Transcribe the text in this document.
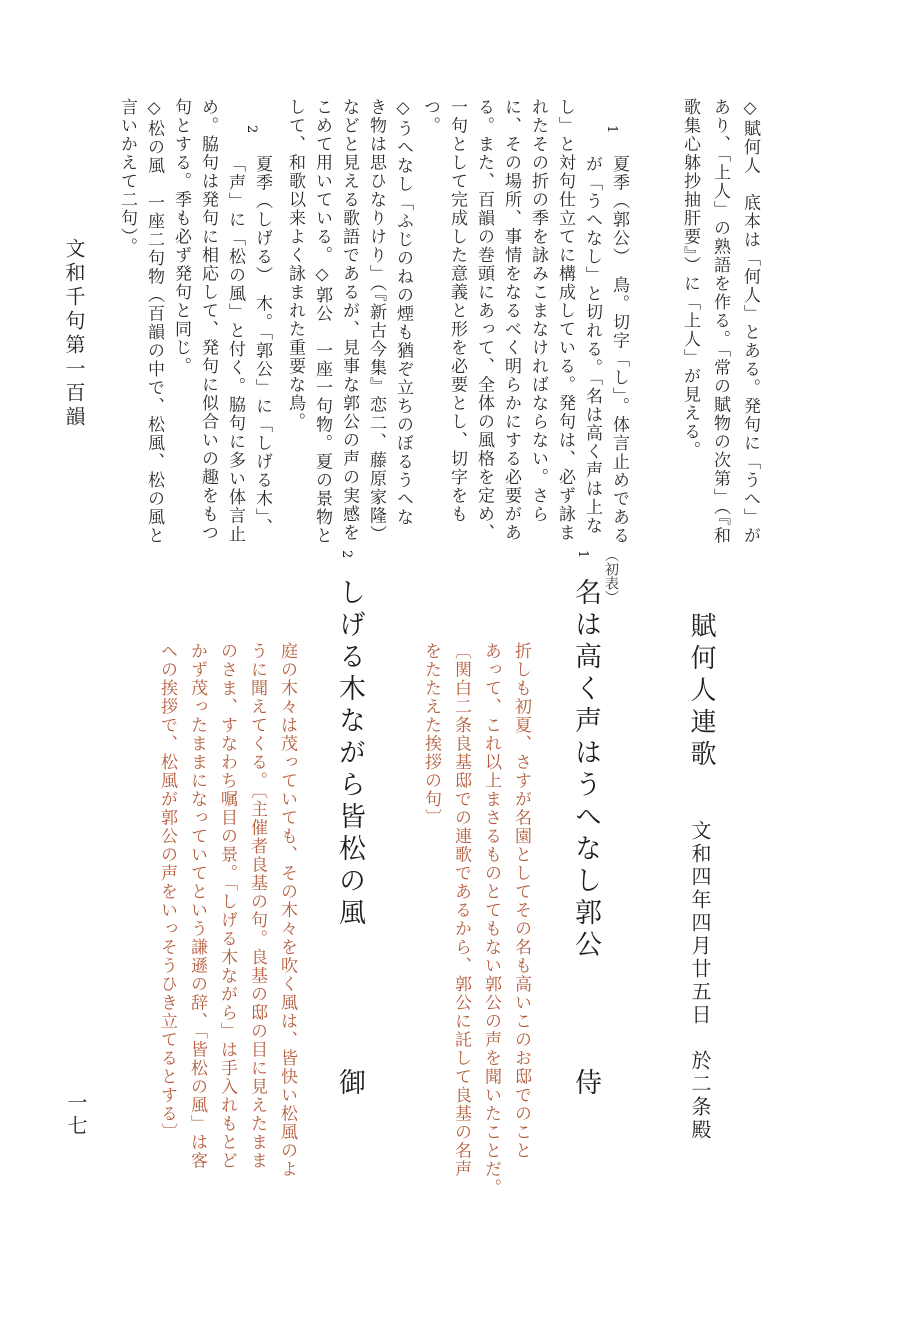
◇賦何人　底本は「何人」とある。発句に「うへ」が
あり、「上人」の熟語を作る。「常の賦物の次第」（『和
歌集心躰抄抽肝要』）に「上人」が見える。
1
夏季（郭公）　鳥。切字「し」。体言止めである
が「うへなし」と切れる。「名は高く声は上な
し」と対句仕立てに構成している。発句は、必ず詠ま
れたその折の季を詠みこまなければならない。さら
に、その場所、事情をなるべく明らかにする必要があ
る。また、百韻の巻頭にあって、全体の風格を定め、
一句として完成した意義と形を必要とし、切字をも
つ。
◇うへなし「ふじのねの煙も猶ぞ立ちのぼるうへな
き物は思ひなりけり」（『新古今集』恋二、藤原家隆）
などと見える歌語であるが、見事な郭公の声の実感を
こめて用いている。◇郭公　一座一句物。夏の景物と
して、和歌以来よく詠まれた重要な鳥。
2
夏季（しげる）　木。「郭公」に「しげる木」、
「声」に「松の風」と付く。脇句に多い体言止
め。脇句は発句に相応して、発句に似合いの趣をもつ
句とする。季も必ず発句と同じ。
◇松の風　一座二句物（百韻の中で、松風、松の風と
言いかえて二句）。
文和千句第一百韻
賦何人連歌
文和四年四月廿五日　於二条殿
（初表）
1
名は高く声はうへなし郭公
侍
折しも初夏、さすが名園としてその名も高いこのお邸でのこと
あって、これ以上まさるものとてもない郭公の声を聞いたことだ。
〔関白二条良基邸での連歌であるから、郭公に託して良基の名声
をたたえた挨拶の句〕
2
しげる木ながら皆松の風
御
庭の木々は茂っていても、その木々を吹く風は、皆快い松風のよ
うに聞えてくる。〔主催者良基の句。良基の邸の目に見えたまま
のさま、すなわち嘱目の景。「しげる木ながら」は手入れもとど
かず茂ったままになっていてという謙遜の辞、「皆松の風」は客
への挨拶で、松風が郭公の声をいっそうひき立てるとする〕
一七
